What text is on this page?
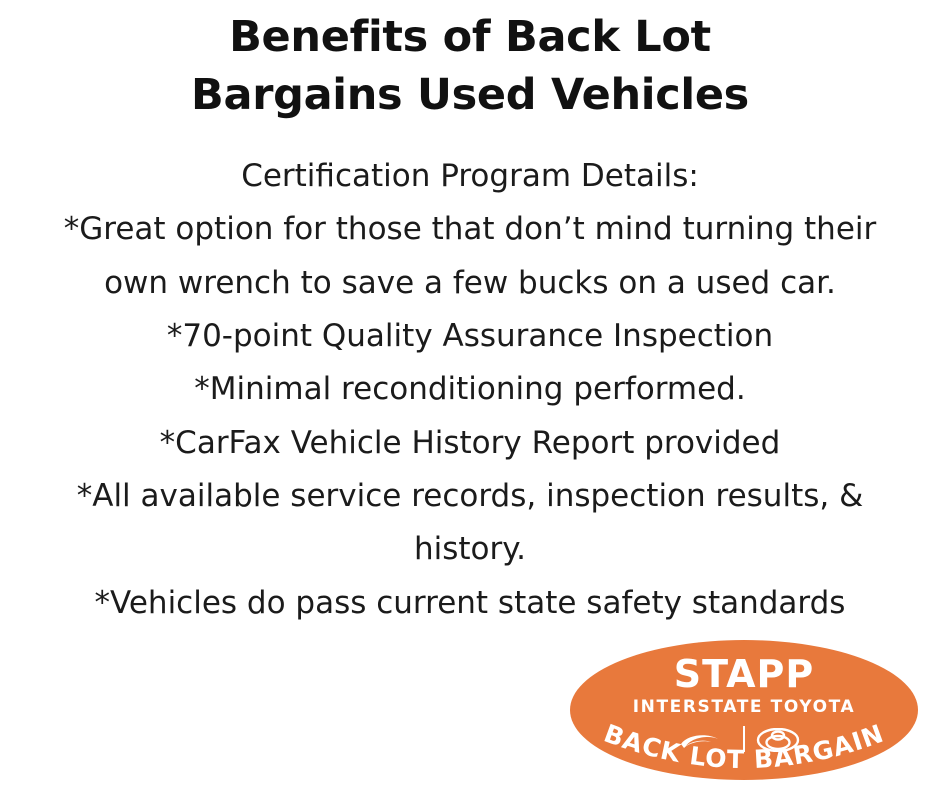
Benefits of Back Lot
Bargains Used Vehicles
Certification Program Details:
*Great option for those that don’t mind turning their
own wrench to save a few bucks on a used car.
*70-point Quality Assurance Inspection
*Minimal reconditioning performed.
*CarFax Vehicle History Report provided
*All available service records, inspection results, &
history.
*Vehicles do pass current state safety standards
STAPP
INTERSTATE TOYOTA
BACK LOT BARGAIN
